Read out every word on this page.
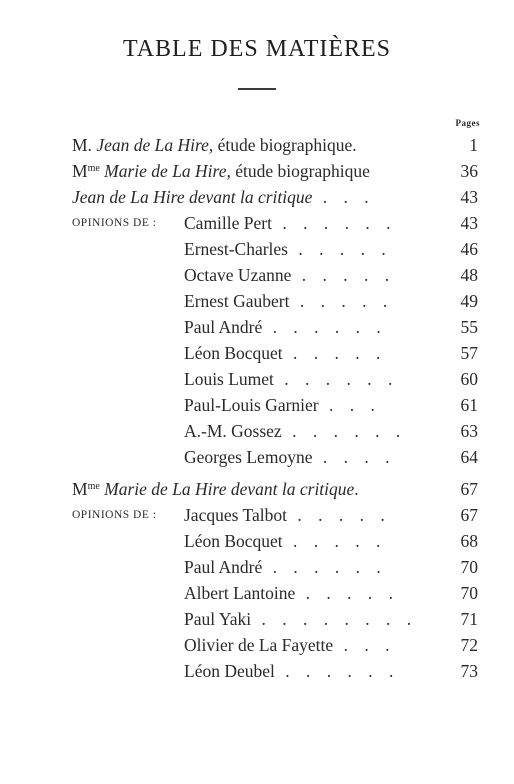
TABLE DES MATIÈRES
Pages
M. Jean de La Hire, étude biographique.	1
$M^{me}$ Marie de La Hire, étude biographique	36
Jean de La Hire devant la critique . . .	43
OPINIONS DE : Camille Pert . . . . . .	43
Ernest-Charles . . . . .	46
Octave Uzanne . . . . .	48
Ernest Gaubert . . . . .	49
Paul André . . . . . .	55
Léon Bocquet . . . . .	57
Louis Lumet . . . . . .	60
Paul-Louis Garnier . . .	61
A.-M. Gossez . . . . . .	63
Georges Lemoyne . . . .	64
$M^{me}$ Marie de La Hire devant la critique.	67
OPINIONS DE : Jacques Talbot . . . . .	67
Léon Bocquet . . . . .	68
Paul André . . . . . .	70
Albert Lantoine . . . . .	70
Paul Yaki . . . . . . . .	71
Olivier de La Fayette . . .	72
Léon Deubel . . . . . .	73
